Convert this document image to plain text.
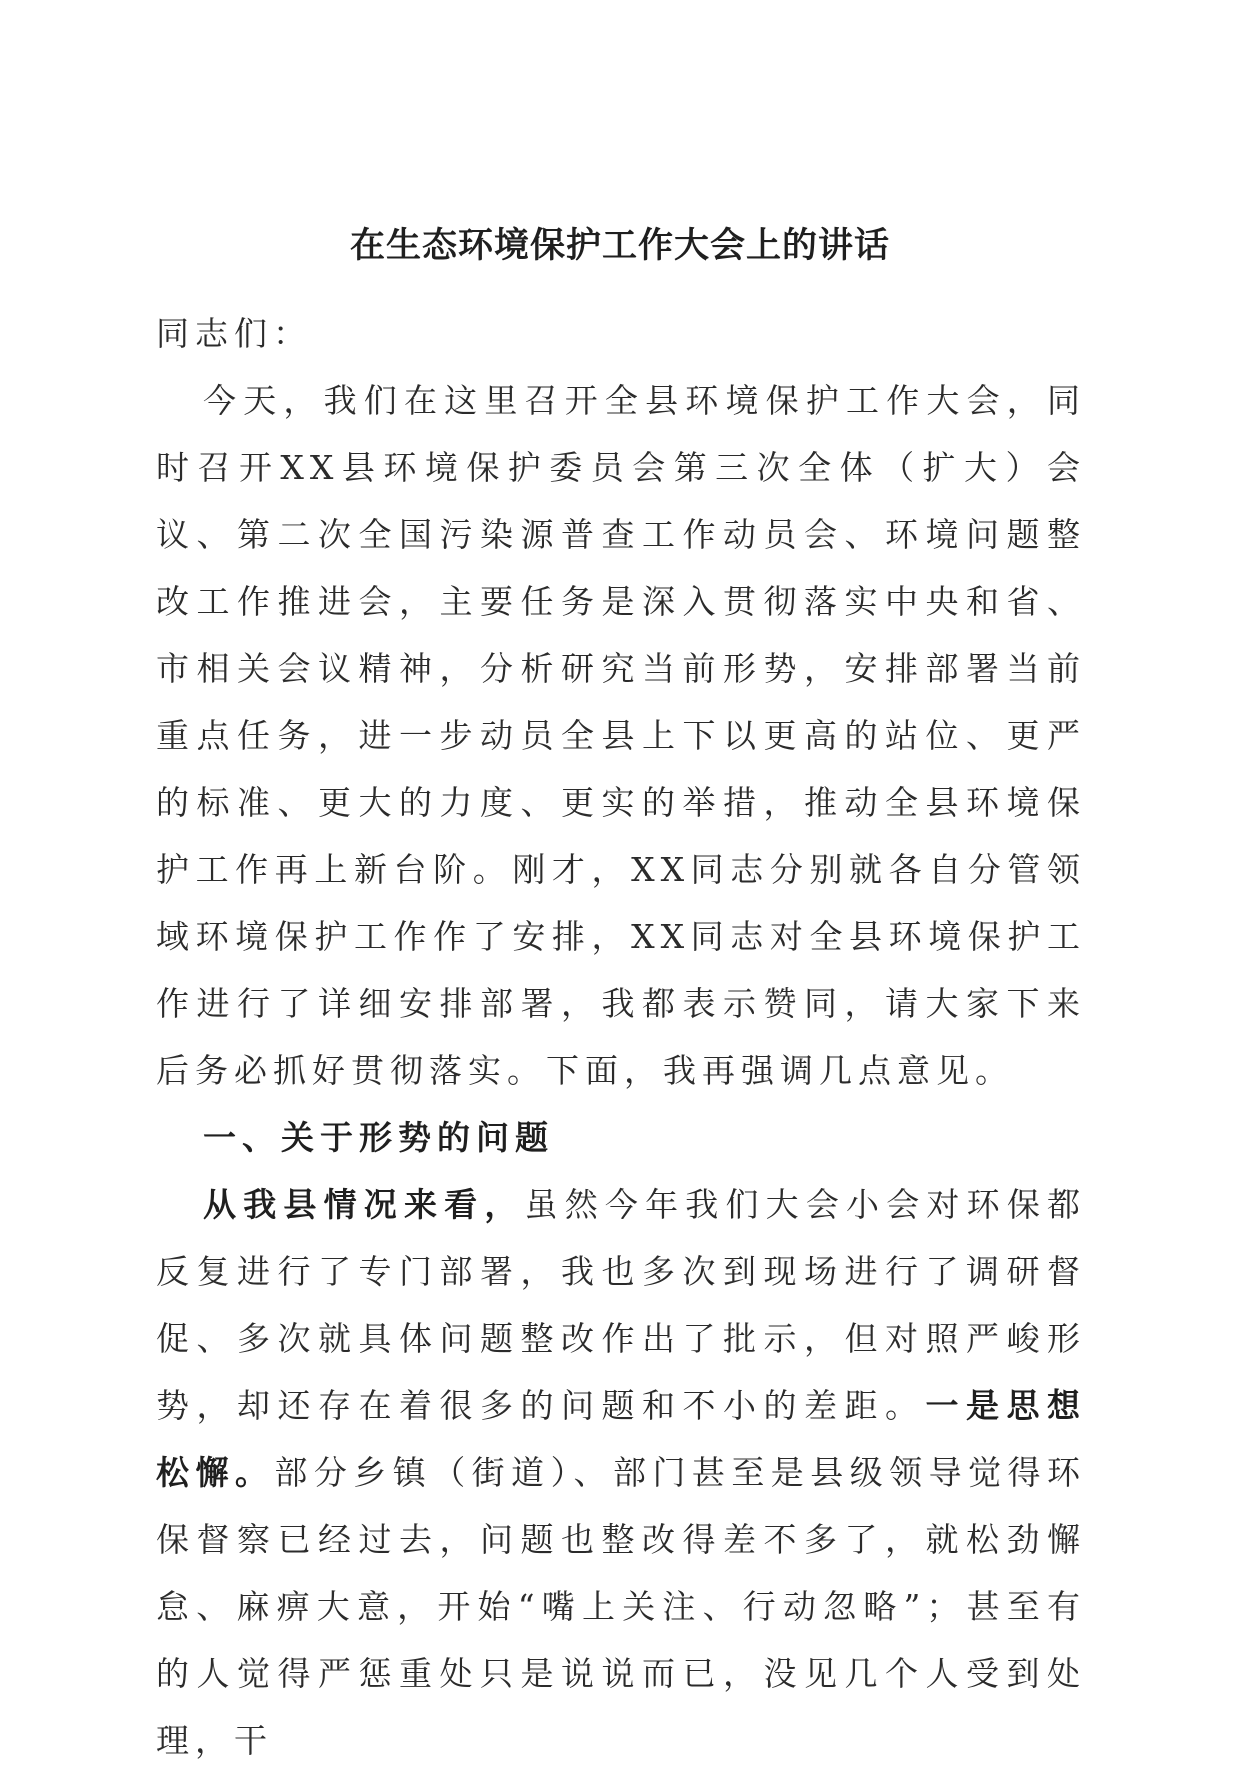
在生态环境保护工作大会上的讲话

同志们：

今天，我们在这里召开全县环境保护工作大会，同时召开XX县环境保护委员会第三次全体（扩大）会议、第二次全国污染源普查工作动员会、环境问题整改工作推进会，主要任务是深入贯彻落实中央和省、市相关会议精神，分析研究当前形势，安排部署当前重点任务，进一步动员全县上下以更高的站位、更严的标准、更大的力度、更实的举措，推动全县环境保护工作再上新台阶。刚才，XX同志分别就各自分管领域环境保护工作作了安排，XX同志对全县环境保护工作进行了详细安排部署，我都表示赞同，请大家下来后务必抓好贯彻落实。下面，我再强调几点意见。

一、关于形势的问题

从我县情况来看，虽然今年我们大会小会对环保都反复进行了专门部署，我也多次到现场进行了调研督促、多次就具体问题整改作出了批示，但对照严峻形势，却还存在着很多的问题和不小的差距。一是思想松懈。部分乡镇（街道）、部门甚至是县级领导觉得环保督察已经过去，问题也整改得差不多了，就松劲懈怠、麻痹大意，开始“嘴上关注、行动忽略”；甚至有的人觉得严惩重处只是说说而已，没见几个人受到处理，干
